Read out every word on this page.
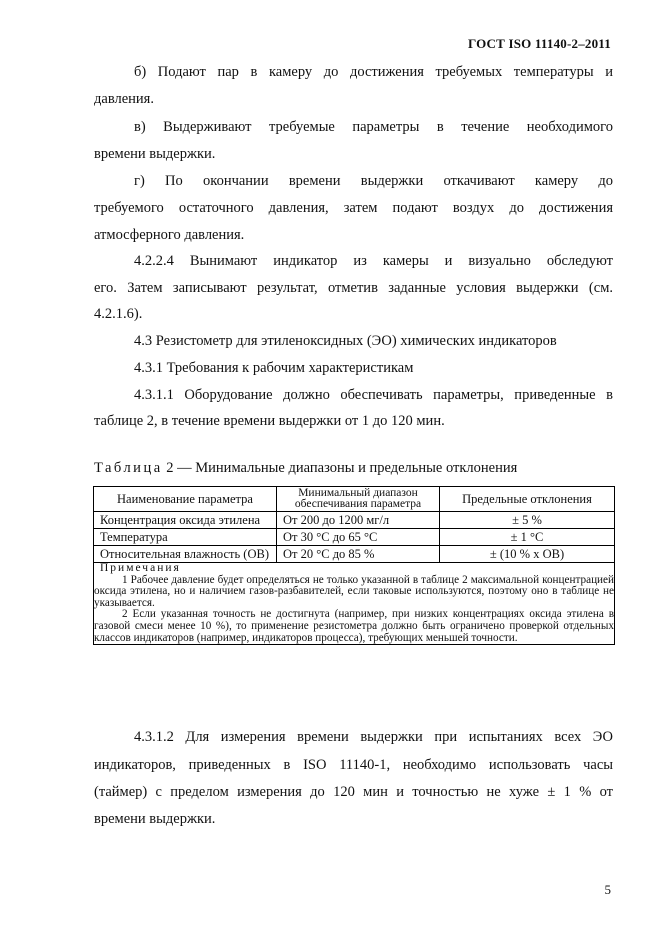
ГОСТ ISO 11140-2–2011
б) Подают пар в камеру до достижения требуемых температуры и
давления.
в) Выдерживают требуемые параметры в течение необходимого
времени выдержки.
г) По окончании времени выдержки откачивают камеру до
требуемого остаточного давления, затем подают воздух до достижения
атмосферного давления.
4.2.2.4 Вынимают индикатор из камеры и визуально обследуют
его. Затем записывают результат, отметив заданные условия выдержки (см.
4.2.1.6).
4.3 Резистометр для этиленоксидных (ЭО) химических индикаторов
4.3.1 Требования к рабочим характеристикам
4.3.1.1 Оборудование должно обеспечивать параметры, приведенные в
таблице 2, в течение времени выдержки от 1 до 120 мин.
Таблица 2 — Минимальные диапазоны и предельные отклонения
Наименование параметра	Минимальный диапазон обеспечивания параметра	Предельные отклонения
Концентрация оксида этилена	От 200 до 1200 мг/л	± 5 %
Температура	От 30 °С до 65 °С	± 1 °С
Относительная влажность (ОВ)	От 20 °С до 85 %	± (10 % х ОВ)

Примечания
1 Рабочее давление будет определяться не только указанной в таблице 2 максимальной концентрацией оксида этилена, но и наличием газов-разбавителей, если таковые используются, поэтому оно в таблице не указывается.
2 Если указанная точность не достигнута (например, при низких концентрациях оксида этилена в газовой смеси менее 10 %), то применение резистометра должно быть ограничено проверкой отдельных классов индикаторов (например, индикаторов процесса), требующих меньшей точности.		
4.3.1.2 Для измерения времени выдержки при испытаниях всех ЭО
индикаторов, приведенных в ISO 11140-1, необходимо использовать часы
(таймер) с пределом измерения до 120 мин и точностью не хуже ± 1 % от
времени выдержки.
5
